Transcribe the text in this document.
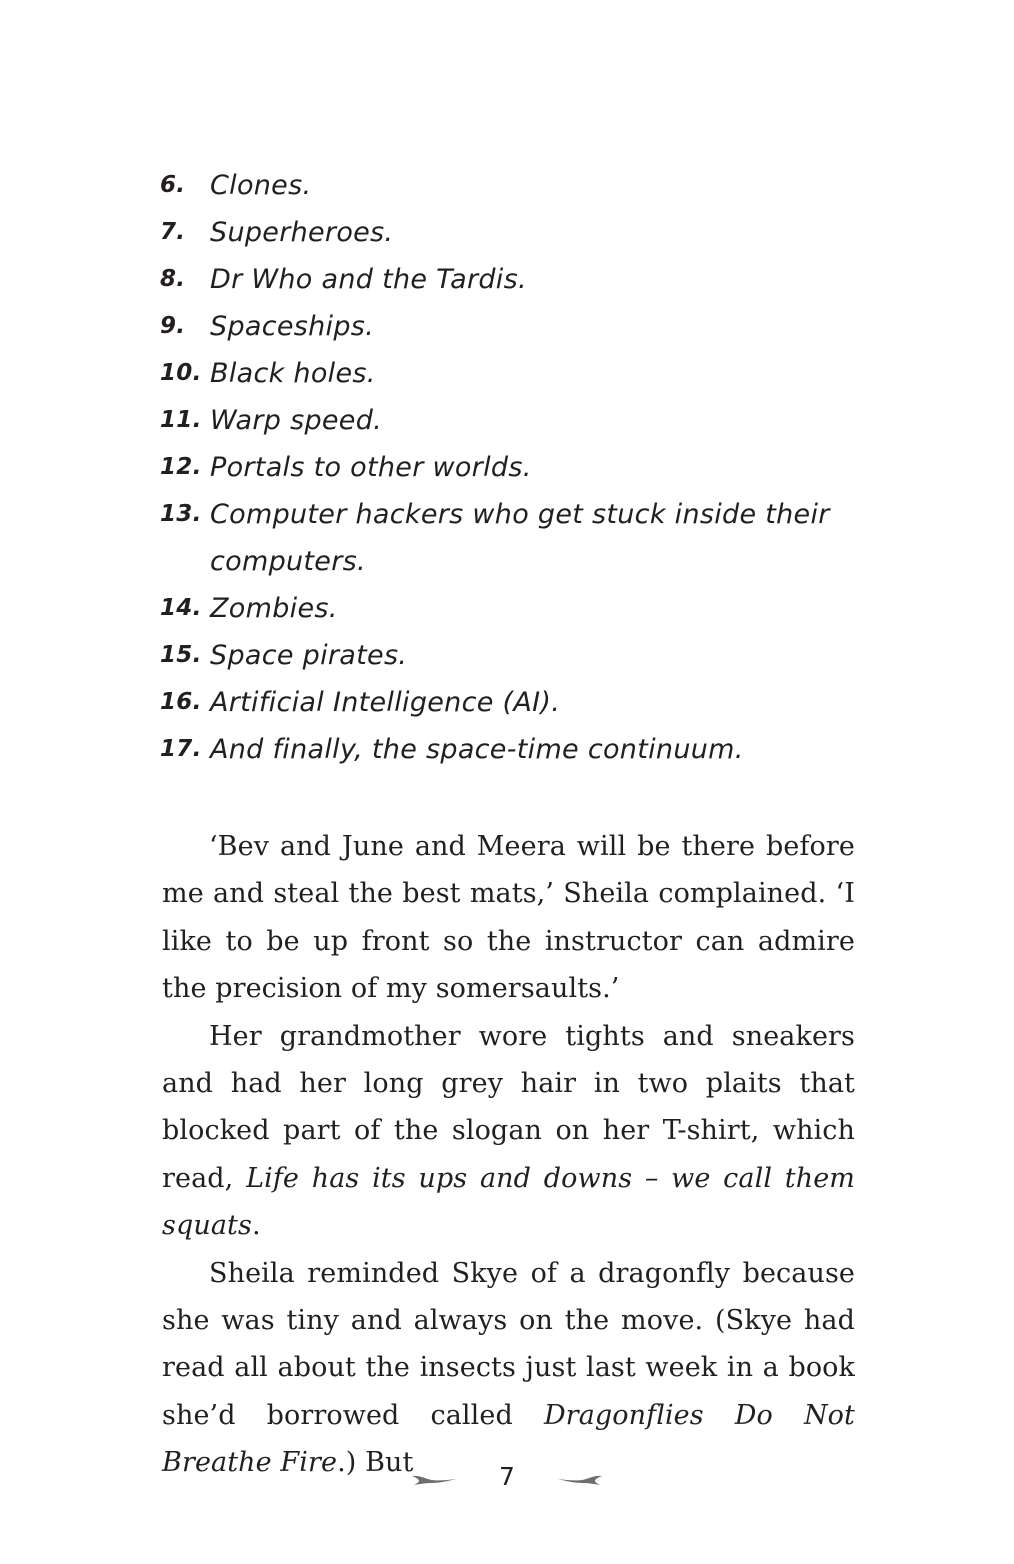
6. Clones.
7. Superheroes.
8. Dr Who and the Tardis.
9. Spaceships.
10. Black holes.
11. Warp speed.
12. Portals to other worlds.
13. Computer hackers who get stuck inside their
computers.
14. Zombies.
15. Space pirates.
16. Artificial Intelligence (AI).
17. And finally, the space-time continuum.

‘Bev and June and Meera will be there before me and steal the best mats,’ Sheila complained. ‘I like to be up front so the instructor can admire the precision of my somersaults.’

Her grandmother wore tights and sneakers and had her long grey hair in two plaits that blocked part of the slogan on her T-shirt, which read, Life has its ups and downs – we call them squats.

Sheila reminded Skye of a dragonfly because she was tiny and always on the move. (Skye had read all about the insects just last week in a book she’d borrowed called Dragonflies Do Not Breathe Fire.) But	7
